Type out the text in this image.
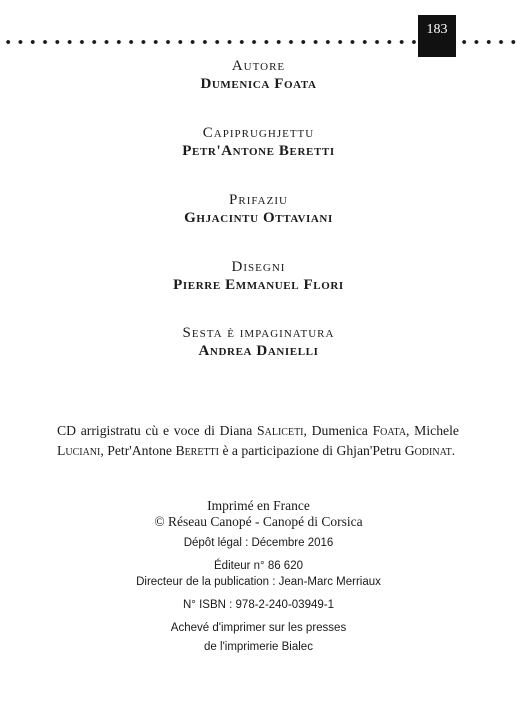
183
Autore
Dumenica Foata
Capiprughjettu
Petr'Antone Beretti
Prifaziu
Ghjacintu Ottaviani
Disegni
Pierre Emmanuel Flori
Sesta è impaginatura
Andrea Danielli
CD arrigistratu cù e voce di Diana Saliceti, Dumenica Foata, Michele Luciani, Petr'Antone Beretti è a participazione di Ghjan'Petru Godinat.
Imprimé en France
© Réseau Canopé - Canopé di Corsica
Dépôt légal : Décembre 2016
Éditeur n° 86 620
Directeur de la publication : Jean-Marc Merriaux
N° ISBN : 978-2-240-03949-1
Achevé d'imprimer sur les presses
de l'imprimerie Bialec
